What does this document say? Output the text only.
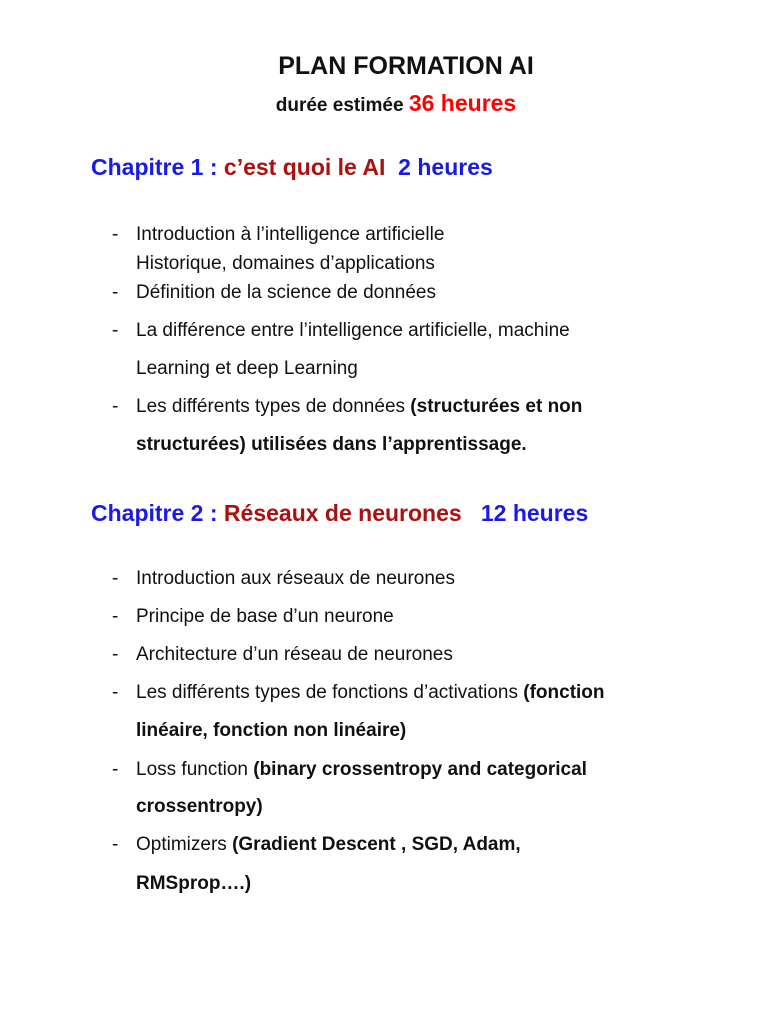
PLAN FORMATION AI

durée estimée 36 heures

Chapitre 1 : c’est quoi le AI 2 heures
- Introduction à l’intelligence artificielle
Historique, domaines d’applications
- Définition de la science de données
- La différence entre l’intelligence artificielle, machine
Learning et deep Learning
- Les différents types de données (structurées et non
structurées) utilisées dans l’apprentissage.
Chapitre 2 : Réseaux de neurones 12 heures
- Introduction aux réseaux de neurones
- Principe de base d’un neurone
- Architecture d’un réseau de neurones
- Les différents types de fonctions d’activations (fonction
linéaire, fonction non linéaire)
- Loss function (binary crossentropy and categorical
crossentropy)
- Optimizers (Gradient Descent , SGD, Adam,
RMSprop….)
